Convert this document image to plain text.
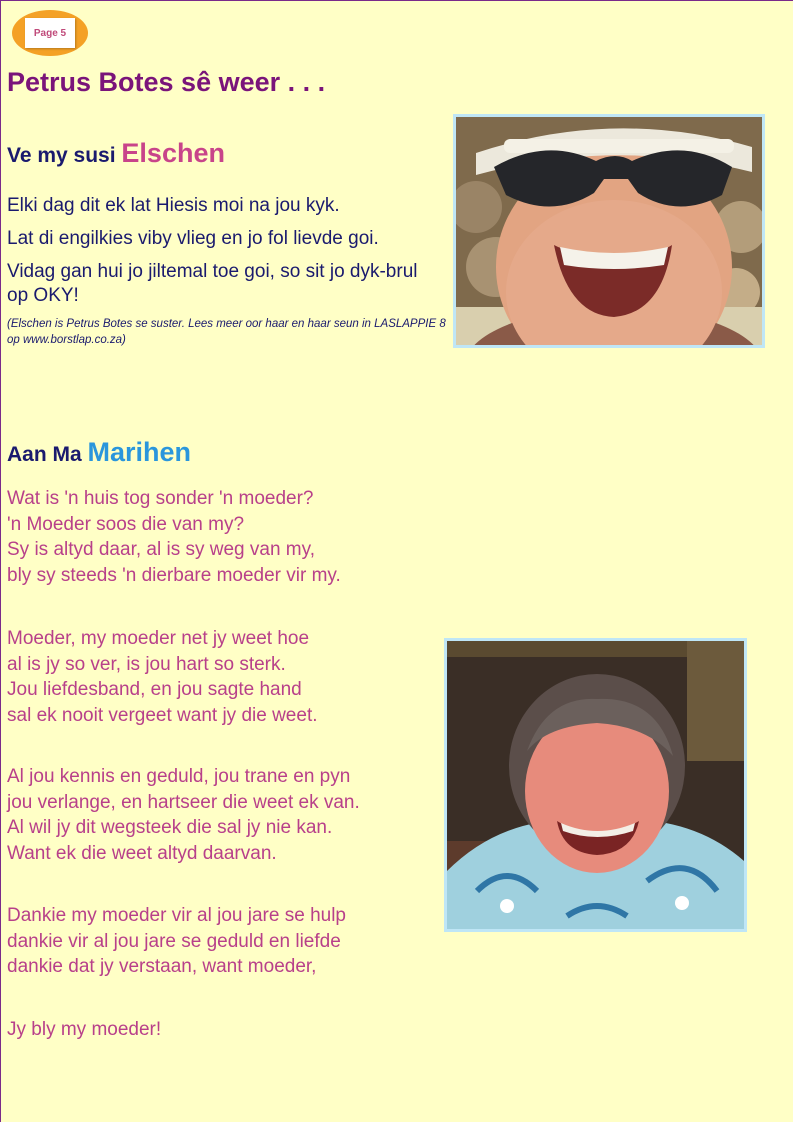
Page 5
Petrus Botes sê weer . . .
Ve my susi Elschen

Elki dag dit ek lat Hiesis moi na jou kyk.

Lat di engilkies viby vlieg en jo fol lievde goi.

Vidag gan hui jo jiltemal toe goi, so sit jo dyk-brul op OKY!

(Elschen is Petrus Botes se suster. Lees meer oor haar en haar seun in LASLAPPIE 8 op www.borstlap.co.za)
Aan Ma Marihen
Wat is 'n huis tog sonder 'n moeder?
'n Moeder soos die van my?
Sy is altyd daar, al is sy weg van my,
bly sy steeds 'n dierbare moeder vir my.
Moeder, my moeder net jy weet hoe
al is jy so ver, is jou hart so sterk.
Jou liefdesband, en jou sagte hand
sal ek nooit vergeet want jy die weet.
Al jou kennis en geduld, jou trane en pyn
jou verlange, en hartseer die weet ek van.
Al wil jy dit wegsteek die sal jy nie kan.
Want ek die weet altyd daarvan.
Dankie my moeder vir al jou jare se hulp
dankie vir al jou jare se geduld en liefde
dankie dat jy verstaan, want moeder,
Jy bly my moeder!
